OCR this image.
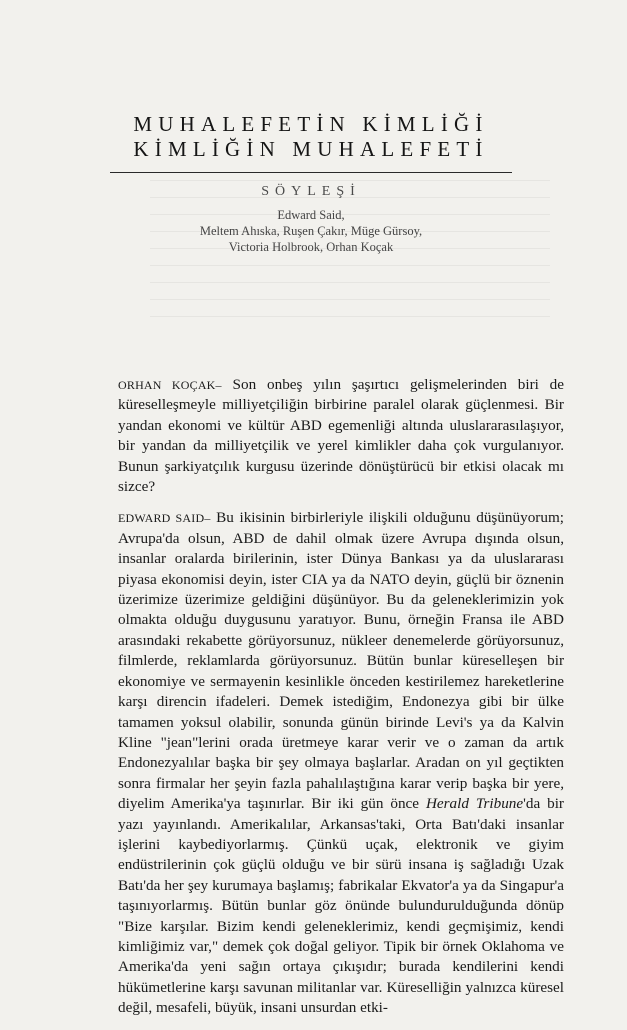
MUHALEFETİN KİMLİĞİ
KİMLİĞİN MUHALEFETİ
SÖYLEŞİ
Edward Said,
Meltem Ahıska, Ruşen Çakır, Müge Gürsoy,
Victoria Holbrook, Orhan Koçak

ORHAN KOÇAK– Son onbeş yılın şaşırtıcı gelişmelerinden biri de küreselleşmeyle milliyetçiliğin birbirine paralel olarak güçlenmesi. Bir yandan ekonomi ve kültür ABD egemenliği altında uluslararasılaşıyor, bir yandan da milliyetçilik ve yerel kimlikler daha çok vurgulanıyor. Bunun şarkiyatçılık kurgusu üzerinde dönüştürücü bir etkisi olacak mı sizce?

EDWARD SAID– Bu ikisinin birbirleriyle ilişkili olduğunu düşünüyorum; Avrupa'da olsun, ABD de dahil olmak üzere Avrupa dışında olsun, insanlar oralarda birilerinin, ister Dünya Bankası ya da uluslararası piyasa ekonomisi deyin, ister CIA ya da NATO deyin, güçlü bir öznenin üzerimize üzerimize geldiğini düşünüyor. Bu da geleneklerimizin yok olmakta olduğu duygusunu yaratıyor. Bunu, örneğin Fransa ile ABD arasındaki rekabette görüyorsunuz, nükleer denemelerde görüyorsunuz, filmlerde, reklamlarda görüyorsunuz. Bütün bunlar küreselleşen bir ekonomiye ve sermayenin kesinlikle önceden kestirilemez hareketlerine karşı direncin ifadeleri. Demek istediğim, Endonezya gibi bir ülke tamamen yoksul olabilir, sonunda günün birinde Levi's ya da Kalvin Kline "jean"lerini orada üretmeye karar verir ve o zaman da artık Endonezyalılar başka bir şey olmaya başlarlar. Aradan on yıl geçtikten sonra firmalar her şeyin fazla pahalılaştığına karar verip başka bir yere, diyelim Amerika'ya taşınırlar. Bir iki gün önce Herald Tribune'da bir yazı yayınlandı. Amerikalılar, Arkansas'taki, Orta Batı'daki insanlar işlerini kaybediyorlarmış. Çünkü uçak, elektronik ve giyim endüstrilerinin çok güçlü olduğu ve bir sürü insana iş sağladığı Uzak Batı'da her şey kurumaya başlamış; fabrikalar Ekvator'a ya da Singapur'a taşınıyorlarmış. Bütün bunlar göz önünde bulundurulduğunda dönüp "Bize karşılar. Bizim kendi geleneklerimiz, kendi geçmişimiz, kendi kimliğimiz var," demek çok doğal geliyor. Tipik bir örnek Oklahoma ve Amerika'da yeni sağın ortaya çıkışıdır; burada kendilerini kendi hükümetlerine karşı savunan militanlar var. Küreselliğin yalnızca küresel değil, mesafeli, büyük, insani unsurdan etki-
